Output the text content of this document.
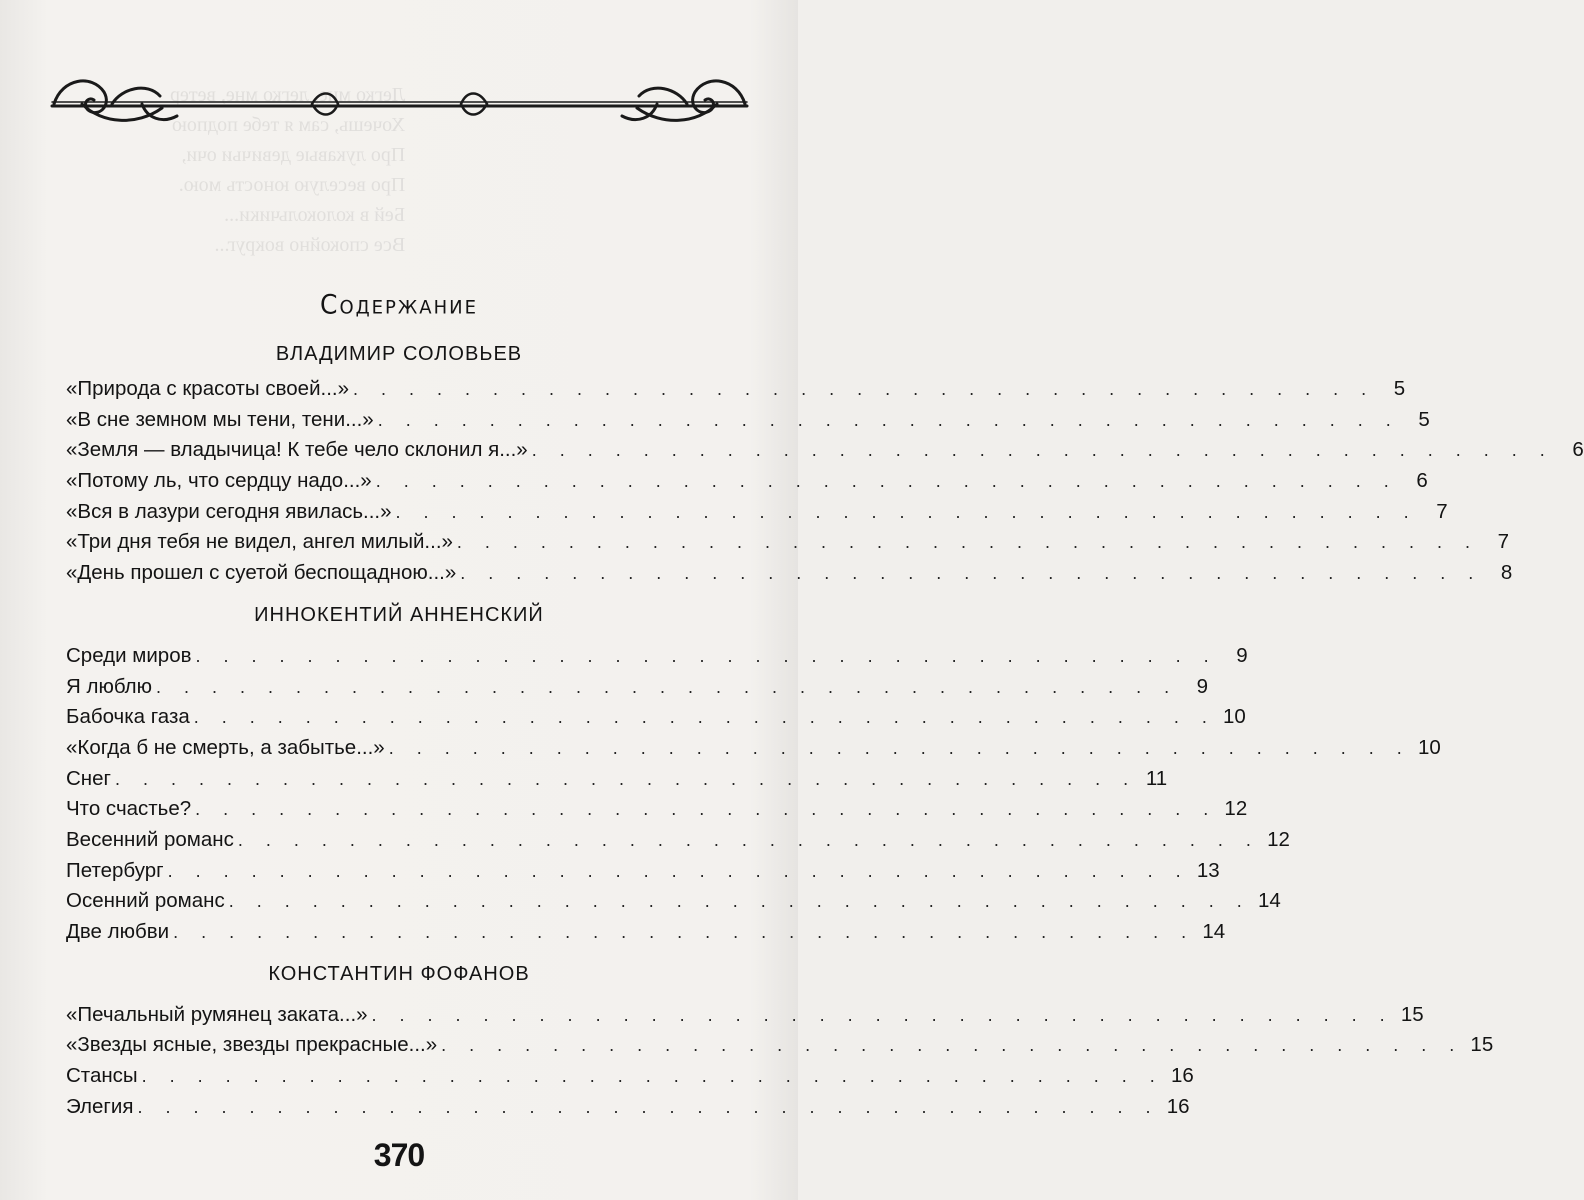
Легко мне, легко мне, ветер
Хочешь, сам я тебе подпою
Про лукавые девичьи очи,
Про веселую юность мою.
Бей в колокольчики...
Все спокойно вокруг...
Содержание
ВЛАДИМИР СОЛОВЬЕВ
«Природа с красоты своей...» . . . . . . . . . . . . . . . . . . . . . . . . . . . . . . . . . . . . . 5
«В сне земном мы тени, тени...» . . . . . . . . . . . . . . . . . . . . . . . . . . . . . . . . . . . . . 5
«Земля — владычица! К тебе чело склонил я...» . . . . . . . . . . . . . . . . . . . . . . . . . . . . . . . . . . . . . 6
«Потому ль, что сердцу надо...» . . . . . . . . . . . . . . . . . . . . . . . . . . . . . . . . . . . . . 6
«Вся в лазури сегодня явилась...» . . . . . . . . . . . . . . . . . . . . . . . . . . . . . . . . . . . . . 7
«Три дня тебя не видел, ангел милый...» . . . . . . . . . . . . . . . . . . . . . . . . . . . . . . . . . . . . . 7
«День прошел с суетой беспощадною...» . . . . . . . . . . . . . . . . . . . . . . . . . . . . . . . . . . . . . 8
ИННОКЕНТИЙ АННЕНСКИЙ
Среди миров . . . . . . . . . . . . . . . . . . . . . . . . . . . . . . . . . . . . . 9
Я люблю . . . . . . . . . . . . . . . . . . . . . . . . . . . . . . . . . . . . . 9
Бабочка газа . . . . . . . . . . . . . . . . . . . . . . . . . . . . . . . . . . . . . 10
«Когда б не смерть, а забытье...» . . . . . . . . . . . . . . . . . . . . . . . . . . . . . . . . . . . . . 10
Снег . . . . . . . . . . . . . . . . . . . . . . . . . . . . . . . . . . . . . 11
Что счастье? . . . . . . . . . . . . . . . . . . . . . . . . . . . . . . . . . . . . . 12
Весенний романс . . . . . . . . . . . . . . . . . . . . . . . . . . . . . . . . . . . . . 12
Петербург . . . . . . . . . . . . . . . . . . . . . . . . . . . . . . . . . . . . . 13
Осенний романс . . . . . . . . . . . . . . . . . . . . . . . . . . . . . . . . . . . . . 14
Две любви . . . . . . . . . . . . . . . . . . . . . . . . . . . . . . . . . . . . . 14
КОНСТАНТИН ФОФАНОВ
«Печальный румянец заката...» . . . . . . . . . . . . . . . . . . . . . . . . . . . . . . . . . . . . . 15
«Звезды ясные, звезды прекрасные...» . . . . . . . . . . . . . . . . . . . . . . . . . . . . . . . . . . . . . 15
Стансы . . . . . . . . . . . . . . . . . . . . . . . . . . . . . . . . . . . . . 16
Элегия . . . . . . . . . . . . . . . . . . . . . . . . . . . . . . . . . . . . . 16
370
